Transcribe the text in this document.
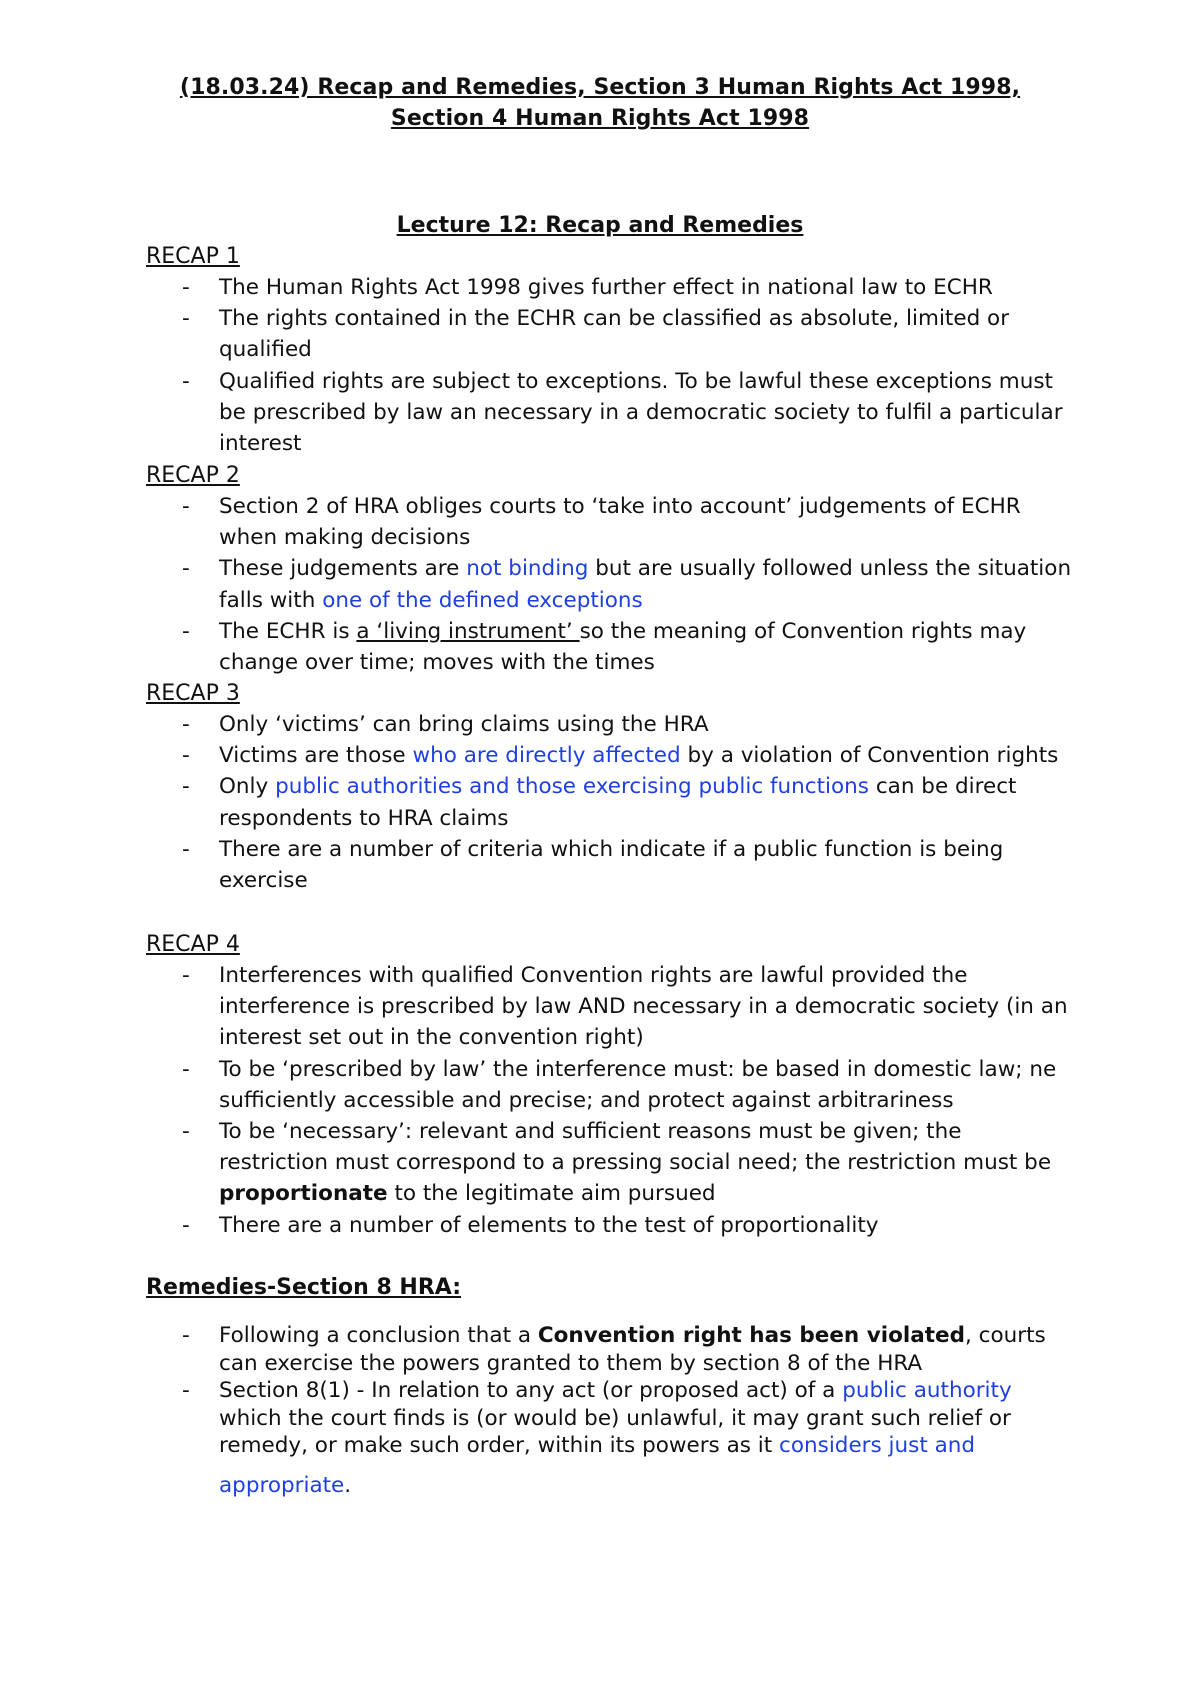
(18.03.24) Recap and Remedies, Section 3 Human Rights Act 1998,

Section 4 Human Rights Act 1998

Lecture 12: Recap and Remedies

RECAP 1

- The Human Rights Act 1998 gives further effect in national law to ECHR
- The rights contained in the ECHR can be classified as absolute, limited or qualified
- Qualified rights are subject to exceptions. To be lawful these exceptions must be prescribed by law an necessary in a democratic society to fulfil a particular interest

RECAP 2

- Section 2 of HRA obliges courts to ‘take into account’ judgements of ECHR when making decisions
- These judgements are not binding but are usually followed unless the situation falls with one of the defined exceptions
- The ECHR is a ‘living instrument’ so the meaning of Convention rights may change over time; moves with the times

RECAP 3

- Only ‘victims’ can bring claims using the HRA
- Victims are those who are directly affected by a violation of Convention rights
- Only public authorities and those exercising public functions can be direct respondents to HRA claims
- There are a number of criteria which indicate if a public function is being exercise

RECAP 4

- Interferences with qualified Convention rights are lawful provided the interference is prescribed by law AND necessary in a democratic society (in an interest set out in the convention right)
- To be ‘prescribed by law’ the interference must: be based in domestic law; ne sufficiently accessible and precise; and protect against arbitrariness
- To be ‘necessary’: relevant and sufficient reasons must be given; the restriction must correspond to a pressing social need; the restriction must be proportionate to the legitimate aim pursued
- There are a number of elements to the test of proportionality

Remedies-Section 8 HRA:

- Following a conclusion that a Convention right has been violated, courts can exercise the powers granted to them by section 8 of the HRA
- Section 8(1) - In relation to any act (or proposed act) of a public authority which the court finds is (or would be) unlawful, it may grant such relief or remedy, or make such order, within its powers as it considers just and
appropriate.
